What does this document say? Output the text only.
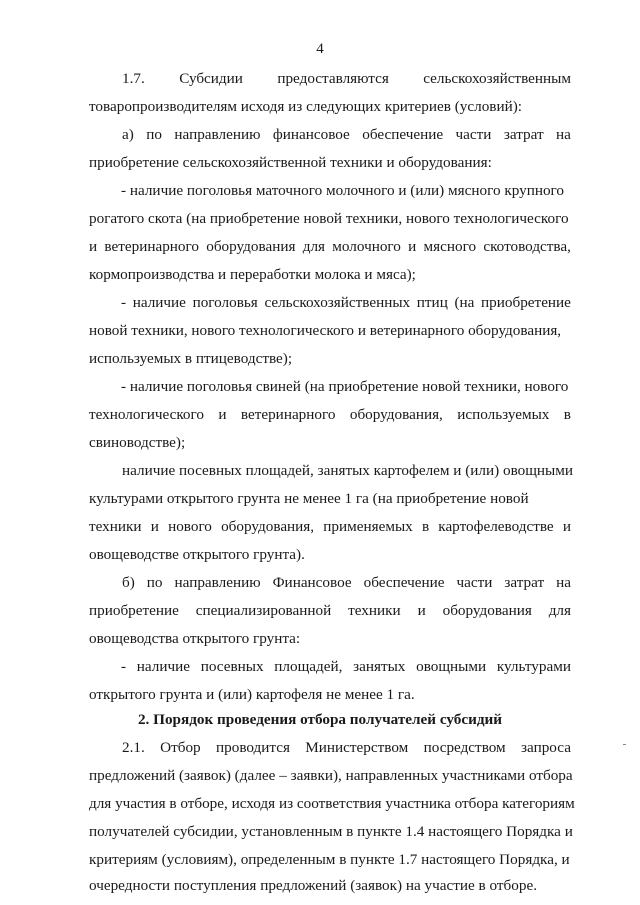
4
1.7. Субсидии предоставляются сельскохозяйственным
товаропроизводителям исходя из следующих критериев (условий):
а) по направлению финансовое обеспечение части затрат на
приобретение сельскохозяйственной техники и оборудования:
- наличие поголовья маточного молочного и (или) мясного крупного
рогатого скота (на приобретение новой техники, нового технологического
и ветеринарного оборудования для молочного и мясного скотоводства,
кормопроизводства и переработки молока и мяса);
- наличие поголовья сельскохозяйственных птиц (на приобретение
новой техники, нового технологического и ветеринарного оборудования,
используемых в птицеводстве);
- наличие поголовья свиней (на приобретение новой техники, нового
технологического и ветеринарного оборудования, используемых в
свиноводстве);
наличие посевных площадей, занятых картофелем и (или) овощными
культурами открытого грунта не менее 1 га (на приобретение новой
техники и нового оборудования, применяемых в картофелеводстве и
овощеводстве открытого грунта).
б) по направлению Финансовое обеспечение части затрат на
приобретение специализированной техники и оборудования для
овощеводства открытого грунта:
- наличие посевных площадей, занятых овощными культурами
открытого грунта и (или) картофеля не менее 1 га.
2. Порядок проведения отбора получателей субсидий
2.1. Отбор проводится Министерством посредством запроса
предложений (заявок) (далее – заявки), направленных участниками отбора
для участия в отборе, исходя из соответствия участника отбора категориям
получателей субсидии, установленным в пункте 1.4 настоящего Порядка и
критериям (условиям), определенным в пункте 1.7 настоящего Порядка, и
очередности поступления предложений (заявок) на участие в отборе.
